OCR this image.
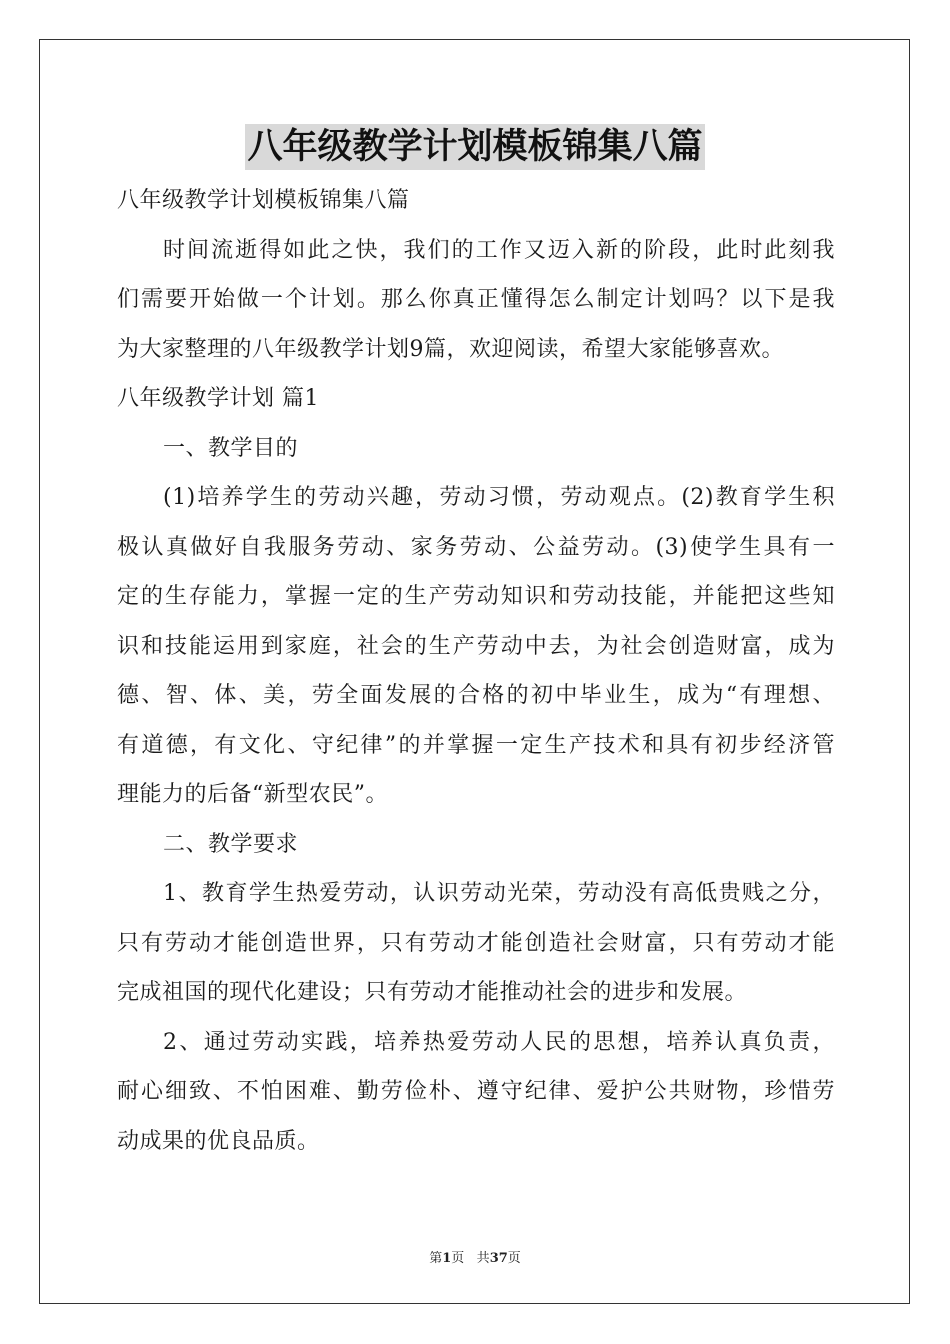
八年级教学计划模板锦集八篇
八年级教学计划模板锦集八篇
时间流逝得如此之快，我们的工作又迈入新的阶段，此时此刻我
们需要开始做一个计划。那么你真正懂得怎么制定计划吗？以下是我
为大家整理的八年级教学计划9篇，欢迎阅读，希望大家能够喜欢。
八年级教学计划 篇1
一、教学目的
(1)培养学生的劳动兴趣，劳动习惯，劳动观点。(2)教育学生积
极认真做好自我服务劳动、家务劳动、公益劳动。(3)使学生具有一
定的生存能力，掌握一定的生产劳动知识和劳动技能，并能把这些知
识和技能运用到家庭，社会的生产劳动中去，为社会创造财富，成为
德、智、体、美，劳全面发展的合格的初中毕业生，成为“有理想、
有道德，有文化、守纪律”的并掌握一定生产技术和具有初步经济管
理能力的后备“新型农民”。
二、教学要求
1、教育学生热爱劳动，认识劳动光荣，劳动没有高低贵贱之分，
只有劳动才能创造世界，只有劳动才能创造社会财富，只有劳动才能
完成祖国的现代化建设；只有劳动才能推动社会的进步和发展。
2、通过劳动实践，培养热爱劳动人民的思想，培养认真负责，
耐心细致、不怕困难、勤劳俭朴、遵守纪律、爱护公共财物，珍惜劳
动成果的优良品质。
第1页 共37页
